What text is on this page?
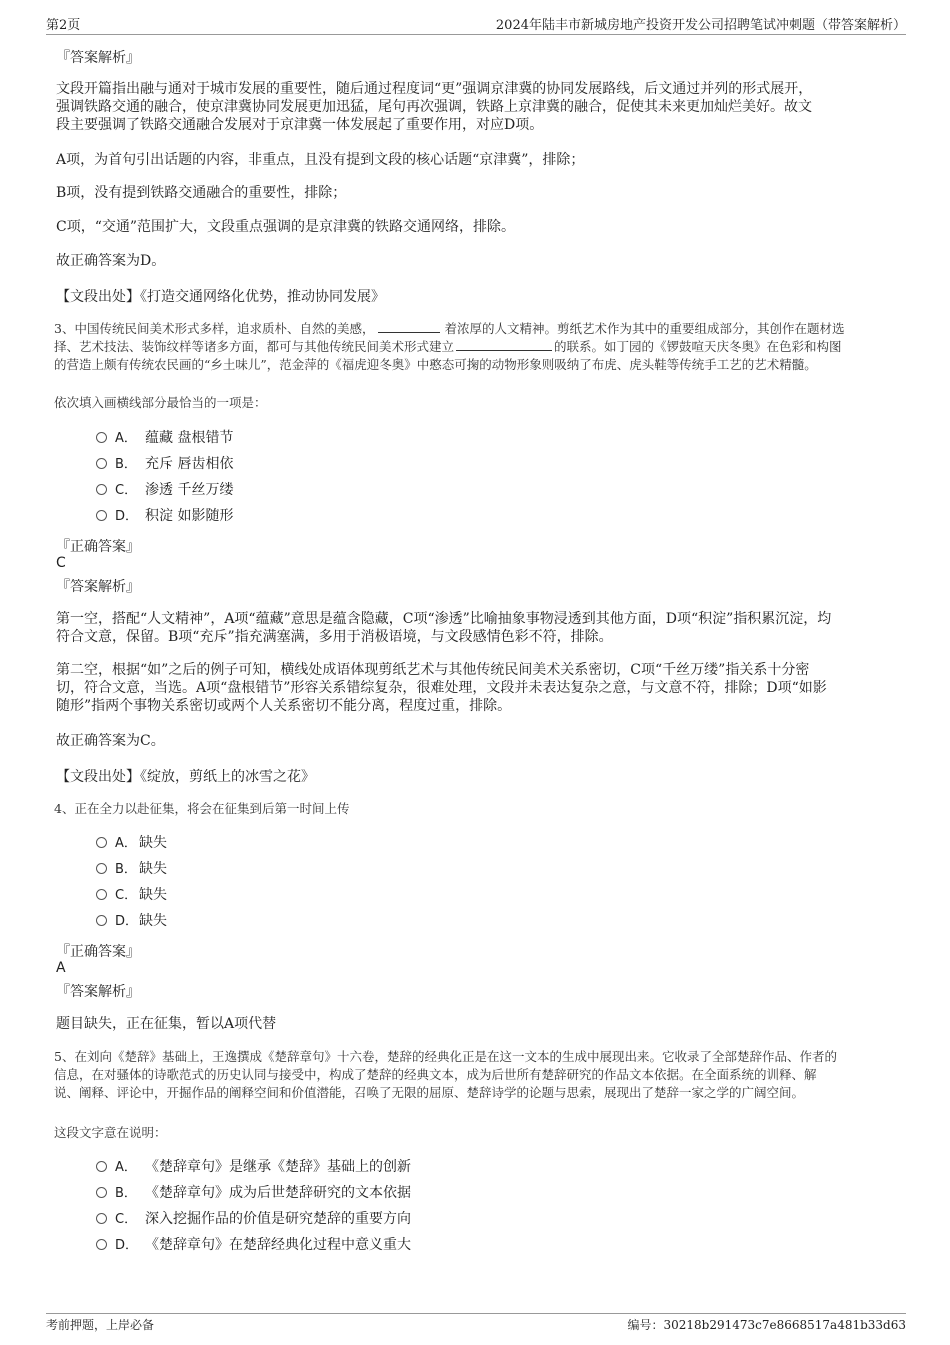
第2页	2024年陆丰市新城房地产投资开发公司招聘笔试冲刺题（带答案解析）
『答案解析』
文段开篇指出融与通对于城市发展的重要性，随后通过程度词“更”强调京津冀的协同发展路线，后文通过并列的形式展开，
强调铁路交通的融合，使京津冀协同发展更加迅猛，尾句再次强调，铁路上京津冀的融合，促使其未来更加灿烂美好。故文
段主要强调了铁路交通融合发展对于京津冀一体发展起了重要作用，对应D项。
A项，为首句引出话题的内容，非重点，且没有提到文段的核心话题“京津冀”，排除；
B项，没有提到铁路交通融合的重要性，排除；
C项，“交通”范围扩大，文段重点强调的是京津冀的铁路交通网络，排除。
故正确答案为D。
【文段出处】《打造交通网络化优势，推动协同发展》
3、中国传统民间美术形式多样，追求质朴、自然的美感，	着浓厚的人文精神。剪纸艺术作为其中的重要组成部分，其创作在题材选
择、艺术技法、装饰纹样等诸多方面，都可与其他传统民间美术形式建立	的联系。如丁园的《锣鼓喧天庆冬奥》在色彩和构图
的营造上颇有传统农民画的“乡土味儿”，范金萍的《福虎迎冬奥》中憨态可掬的动物形象则吸纳了布虎、虎头鞋等传统手工艺的艺术精髓。
依次填入画横线部分最恰当的一项是：
A． 蕴藏 盘根错节
B． 充斥 唇齿相依
C． 渗透 千丝万缕
D． 积淀 如影随形
『正确答案』
C
『答案解析』
第一空，搭配“人文精神”，A项“蕴藏”意思是蕴含隐藏，C项“渗透”比喻抽象事物浸透到其他方面，D项“积淀”指积累沉淀，均
符合文意，保留。B项“充斥”指充满塞满，多用于消极语境，与文段感情色彩不符，排除。
第二空，根据“如”之后的例子可知，横线处成语体现剪纸艺术与其他传统民间美术关系密切，C项“千丝万缕”指关系十分密
切，符合文意，当选。A项“盘根错节”形容关系错综复杂，很难处理，文段并未表达复杂之意，与文意不符，排除；D项“如影
随形”指两个事物关系密切或两个人关系密切不能分离，程度过重，排除。
故正确答案为C。
【文段出处】《绽放，剪纸上的冰雪之花》
4、正在全力以赴征集，将会在征集到后第一时间上传
A． 缺失
B． 缺失
C． 缺失
D．缺失
『正确答案』
A
『答案解析』
题目缺失，正在征集，暂以A项代替
5、在刘向《楚辞》基础上，王逸撰成《楚辞章句》十六卷，楚辞的经典化正是在这一文本的生成中展现出来。它收录了全部楚辞作品、作者的
信息，在对骚体的诗歌范式的历史认同与接受中，构成了楚辞的经典文本，成为后世所有楚辞研究的作品文本依据。在全面系统的训释、解
说、阐释、评论中，开掘作品的阐释空间和价值潜能，召唤了无限的屈原、楚辞诗学的论题与思索，展现出了楚辞一家之学的广阔空间。
这段文字意在说明：
A． 《楚辞章句》是继承《楚辞》基础上的创新
B． 《楚辞章句》成为后世楚辞研究的文本依据
C． 深入挖掘作品的价值是研究楚辞的重要方向
D． 《楚辞章句》在楚辞经典化过程中意义重大
考前押题，上岸必备	编号：30218b291473c7e8668517a481b33d63
